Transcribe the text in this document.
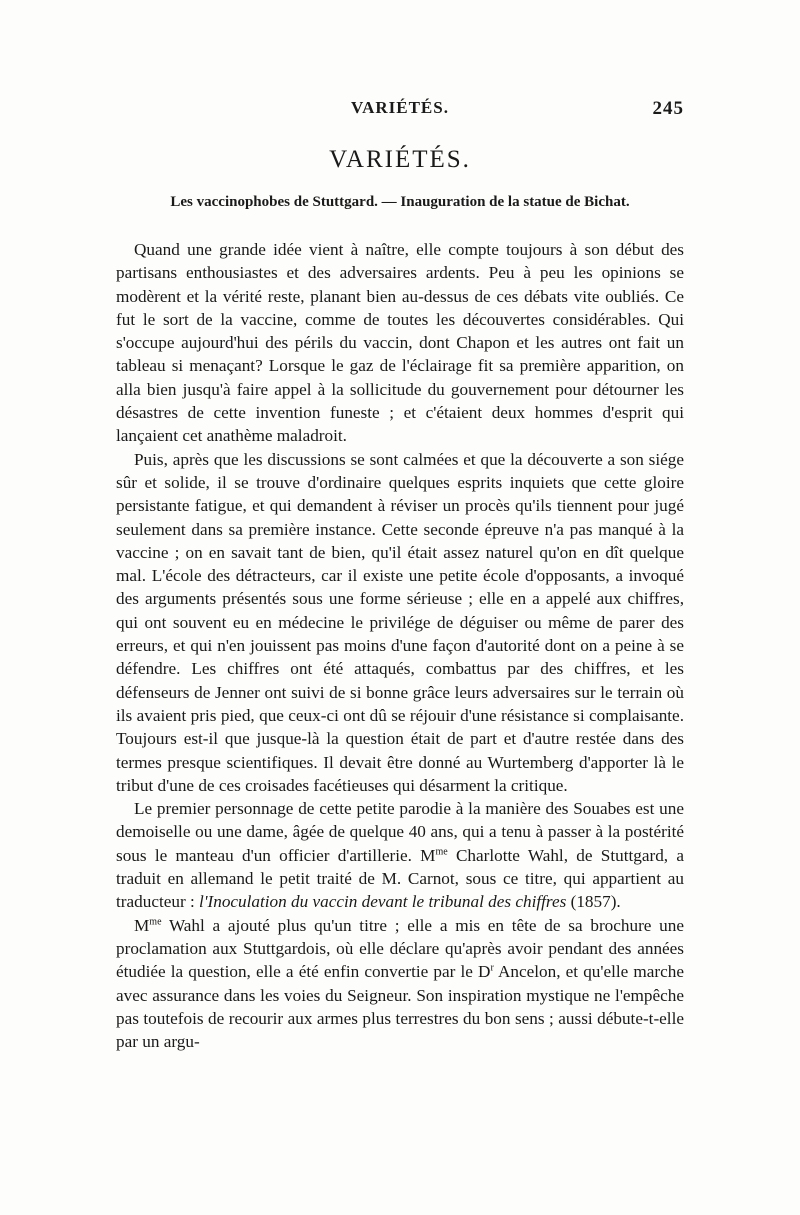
VARIÉTÉS.	245
VARIÉTÉS.
Les vaccinophobes de Stuttgard. — Inauguration de la statue de Bichat.

Quand une grande idée vient à naître, elle compte toujours à son début des partisans enthousiastes et des adversaires ardents. Peu à peu les opinions se modèrent et la vérité reste, planant bien au-dessus de ces débats vite oubliés. Ce fut le sort de la vaccine, comme de toutes les découvertes considérables. Qui s'occupe aujourd'hui des périls du vaccin, dont Chapon et les autres ont fait un tableau si menaçant? Lorsque le gaz de l'éclairage fit sa première apparition, on alla bien jusqu'à faire appel à la sollicitude du gouvernement pour détourner les désastres de cette invention funeste ; et c'étaient deux hommes d'esprit qui lançaient cet anathème maladroit.

Puis, après que les discussions se sont calmées et que la découverte a son siége sûr et solide, il se trouve d'ordinaire quelques esprits inquiets que cette gloire persistante fatigue, et qui demandent à réviser un procès qu'ils tiennent pour jugé seulement dans sa première instance. Cette seconde épreuve n'a pas manqué à la vaccine ; on en savait tant de bien, qu'il était assez naturel qu'on en dît quelque mal. L'école des détracteurs, car il existe une petite école d'opposants, a invoqué des arguments présentés sous une forme sérieuse ; elle en a appelé aux chiffres, qui ont souvent eu en médecine le privilége de déguiser ou même de parer des erreurs, et qui n'en jouissent pas moins d'une façon d'autorité dont on a peine à se défendre. Les chiffres ont été attaqués, combattus par des chiffres, et les défenseurs de Jenner ont suivi de si bonne grâce leurs adversaires sur le terrain où ils avaient pris pied, que ceux-ci ont dû se réjouir d'une résistance si complaisante. Toujours est-il que jusque-là la question était de part et d'autre restée dans des termes presque scientifiques. Il devait être donné au Wurtemberg d'apporter là le tribut d'une de ces croisades facétieuses qui désarment la critique.

Le premier personnage de cette petite parodie à la manière des Souabes est une demoiselle ou une dame, âgée de quelque 40 ans, qui a tenu à passer à la postérité sous le manteau d'un officier d'artillerie. $M^{me}$ Charlotte Wahl, de Stuttgard, a traduit en allemand le petit traité de M. Carnot, sous ce titre, qui appartient au traducteur : l'Inoculation du vaccin devant le tribunal des chiffres (1857).

$M^{me}$ Wahl a ajouté plus qu'un titre ; elle a mis en tête de sa brochure une proclamation aux Stuttgardois, où elle déclare qu'après avoir pendant des années étudiée la question, elle a été enfin convertie par le $D^r$ Ancelon, et qu'elle marche avec assurance dans les voies du Seigneur. Son inspiration mystique ne l'empêche pas toutefois de recourir aux armes plus terrestres du bon sens ; aussi débute-t-elle par un argu-
